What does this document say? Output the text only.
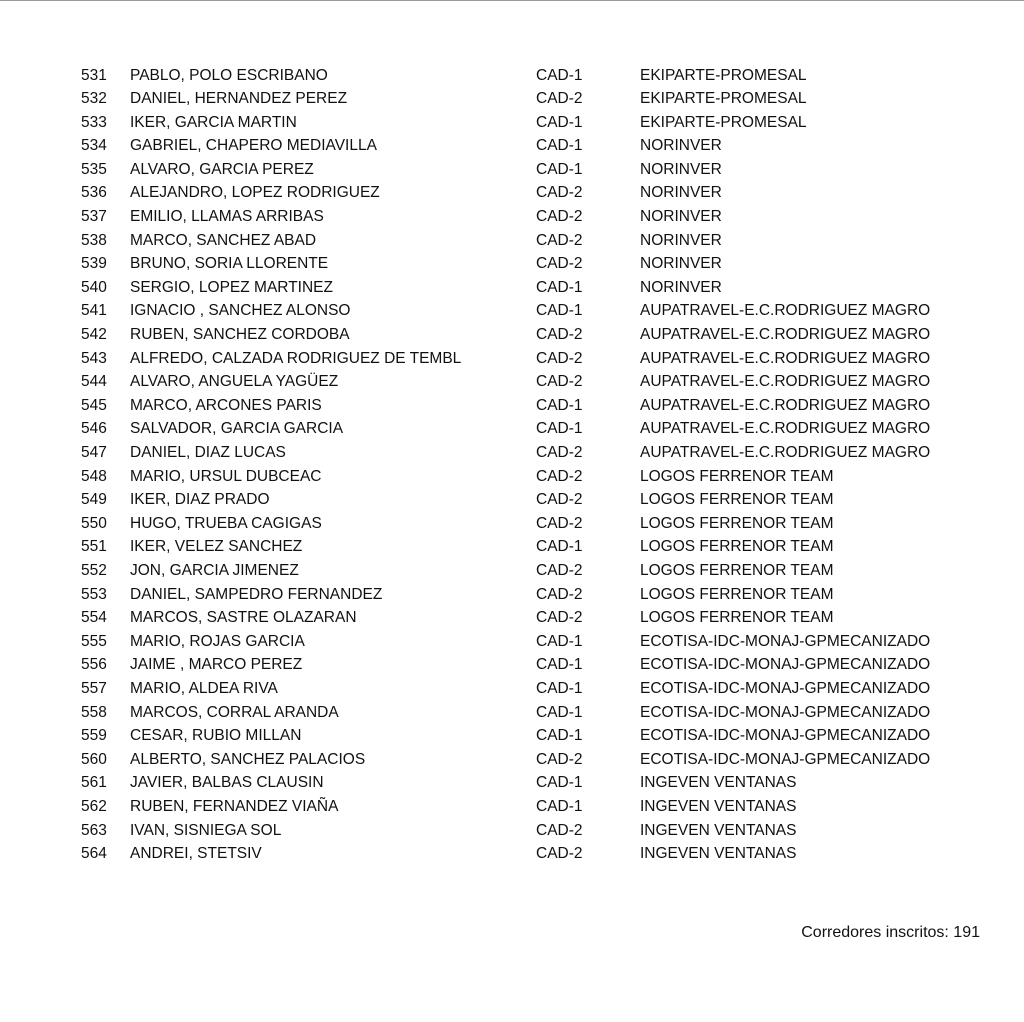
531 PABLO, POLO ESCRIBANO	CAD-1	EKIPARTE-PROMESAL
532 DANIEL, HERNANDEZ PEREZ	CAD-2	EKIPARTE-PROMESAL
533 IKER, GARCIA MARTIN	CAD-1	EKIPARTE-PROMESAL
534 GABRIEL, CHAPERO MEDIAVILLA	CAD-1	NORINVER
535 ALVARO, GARCIA PEREZ	CAD-1	NORINVER
536 ALEJANDRO, LOPEZ RODRIGUEZ	CAD-2	NORINVER
537 EMILIO, LLAMAS ARRIBAS	CAD-2	NORINVER
538 MARCO, SANCHEZ ABAD	CAD-2	NORINVER
539 BRUNO, SORIA LLORENTE	CAD-2	NORINVER
540 SERGIO, LOPEZ MARTINEZ	CAD-1	NORINVER
541 IGNACIO , SANCHEZ ALONSO	CAD-1	AUPATRAVEL-E.C.RODRIGUEZ MAGRO
542 RUBEN, SANCHEZ CORDOBA	CAD-2	AUPATRAVEL-E.C.RODRIGUEZ MAGRO
543 ALFREDO, CALZADA RODRIGUEZ DE TEMBL	CAD-2	AUPATRAVEL-E.C.RODRIGUEZ MAGRO
544 ALVARO, ANGUELA YAGÜEZ	CAD-2	AUPATRAVEL-E.C.RODRIGUEZ MAGRO
545 MARCO, ARCONES PARIS	CAD-1	AUPATRAVEL-E.C.RODRIGUEZ MAGRO
546 SALVADOR, GARCIA GARCIA	CAD-1	AUPATRAVEL-E.C.RODRIGUEZ MAGRO
547 DANIEL, DIAZ LUCAS	CAD-2	AUPATRAVEL-E.C.RODRIGUEZ MAGRO
548 MARIO, URSUL DUBCEAC	CAD-2	LOGOS FERRENOR TEAM
549 IKER, DIAZ PRADO	CAD-2	LOGOS FERRENOR TEAM
550 HUGO, TRUEBA CAGIGAS	CAD-2	LOGOS FERRENOR TEAM
551 IKER, VELEZ SANCHEZ	CAD-1	LOGOS FERRENOR TEAM
552 JON, GARCIA JIMENEZ	CAD-2	LOGOS FERRENOR TEAM
553 DANIEL, SAMPEDRO FERNANDEZ	CAD-2	LOGOS FERRENOR TEAM
554 MARCOS, SASTRE OLAZARAN	CAD-2	LOGOS FERRENOR TEAM
555 MARIO, ROJAS GARCIA	CAD-1	ECOTISA-IDC-MONAJ-GPMECANIZADO
556 JAIME , MARCO PEREZ	CAD-1	ECOTISA-IDC-MONAJ-GPMECANIZADO
557 MARIO, ALDEA RIVA	CAD-1	ECOTISA-IDC-MONAJ-GPMECANIZADO
558 MARCOS, CORRAL ARANDA	CAD-1	ECOTISA-IDC-MONAJ-GPMECANIZADO
559 CESAR, RUBIO MILLAN	CAD-1	ECOTISA-IDC-MONAJ-GPMECANIZADO
560 ALBERTO, SANCHEZ PALACIOS	CAD-2	ECOTISA-IDC-MONAJ-GPMECANIZADO
561 JAVIER, BALBAS CLAUSIN	CAD-1	INGEVEN VENTANAS
562 RUBEN, FERNANDEZ VIAÑA	CAD-1	INGEVEN VENTANAS
563 IVAN, SISNIEGA SOL	CAD-2	INGEVEN VENTANAS
564 ANDREI, STETSIV	CAD-2	INGEVEN VENTANAS
Corredores inscritos: 191
